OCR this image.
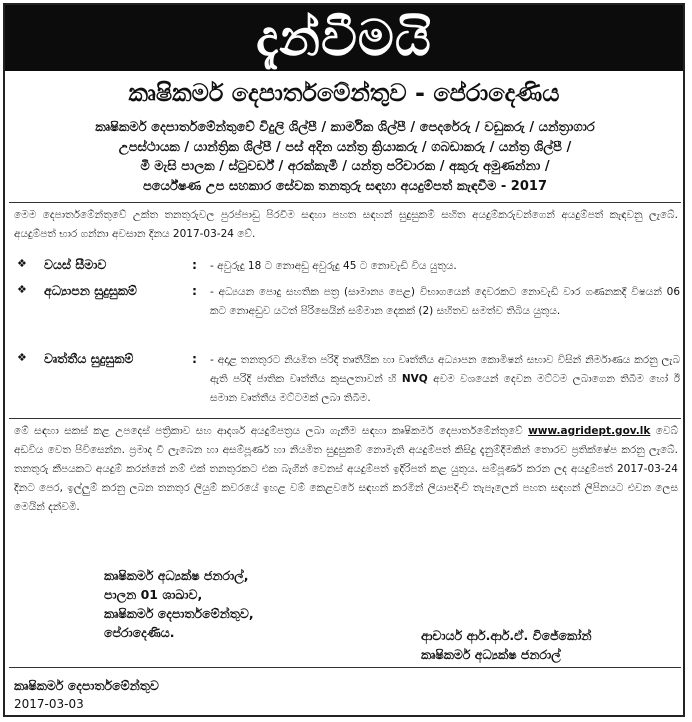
දැන්වීමයි
කෘෂිකර්ම දෙපාර්තමේන්තුව - පේරාදෙණිය
කෘෂිකර්ම දෙපාර්තමේන්තුවේ විදුලි ශිල්පී / කාර්මික ශිල්පී / පෙදරේරු / වඩුකරු / යන්ත්‍රාගාර
උපස්ථායක / යාන්ත්‍රික ශිල්පී / පස් අදින යන්ත්‍ර ක්‍රියාකරු / ගබඩාකරු / යන්ත්‍ර ශිල්පී /
මී මැසි පාලක / ස්ටුවර්ඩ් / අරක්කැමි / යන්ත්‍ර පරිචාරක / අකුරු අමුණන්නා /
පර්යේෂණ උප සහකාර සේවක තනතුරු සඳහා අයදුම්පත් කැඳවීම - 2017
මෙම දෙපාර්තමේන්තුවේ උක්ත තනතුරුවල පුරප්පාඩු පිරවීම සඳහා පහත සඳහන් සුදුසුකම් සහිත අයදුම්කරුවන්ගෙන් අයදුම්පත් කැඳවනු ලැබේ. අයදුම්පත් භාර ගන්නා අවසාන දිනය 2017-03-24 වේ.
❖ වයස් සීමාව	: - අවුරුදු 18 ට නොඅඩු අවුරුදු 45 ට නොවැඩි විය යුතුය.
❖ අධ්‍යාපන සුදුසුකම්	: - අධ්‍යයන පොදු සහතික පත්‍ර (සාමාන්‍ය පෙළ) විභාගයෙන් දෙවරකට නොවැඩි වාර ගණනකදී විෂයන් 06 කට නොඅඩුව යටත් පිරිසෙයින් සම්මාන දෙකක් (2) සහිතව සමත්ව තිබිය යුතුය.
❖ වෘත්තීය සුදුසුකම්	: - අදාළ තනතුරට නියමිත පරිදි තෘතීයික හා වෘත්තීය අධ්‍යාපන කොමිෂන් සභාව විසින් නිර්මාණය කරනු ලැබ ඇති පරිදි ජාතික වෘත්තීය කුසලතාවන් හි NVQ අවම වශයෙන් දෙවන මට්ටම ලබාගෙන තිබීම හෝ ඊ සමාන වෘත්තීය මට්ටමක් ලබා තිබීම.
මේ සඳහා සකස් කළ උපදෙස් පත්‍රිකාව සහ ආදර්ශ අයදුම්පත්‍රය ලබා ගැනීම සඳහා කෘෂිකර්ම දෙපාර්තමේන්තුවේ www.agridept.gov.lk වෙබ් අඩවිය වෙත පිවිසෙන්න. ප්‍රමාද වී ලැබෙන හා අසම්පූර්ණ හා නියමිත සුදුසුකම් නොමැති අයදුම්පත් කිසිදු දැනුම්දීමකින් තොරව ප්‍රතික්ෂේප කරනු ලැබේ. තනතුරු කීපයකට අයදුම් කරන්නේ නම් එක් තනතුරකට එක බැගින් වෙනස් අයදුම්පත් ඉදිරිපත් කළ යුතුය. සම්පූර්ණ කරන ලද අයදුම්පත් 2017-03-24 දිනට පෙර, ඉල්ලුම් කරනු ලබන තනතුර ලියුම් කවරයේ ඉහළ වම් කෙළවරේ සඳහන් කරමින් ලියාපදිංචි තැපෑලෙන් පහත සඳහන් ලිපිනයට එවන ලෙස මෙයින් දන්වමි.
කෘෂිකර්ම අධ්‍යක්ෂ ජනරාල්,
පාලන 01 ශාඛාව,
කෘෂිකර්ම දෙපාර්තමේන්තුව,
පේරාදෙණිය.	ආචාර්ය ආර්.ආර්.ඒ. විජේකෝන්
කෘෂිකර්ම අධ්‍යක්ෂ ජනරාල්
කෘෂිකර්ම දෙපාර්තමේන්තුව
2017-03-03
